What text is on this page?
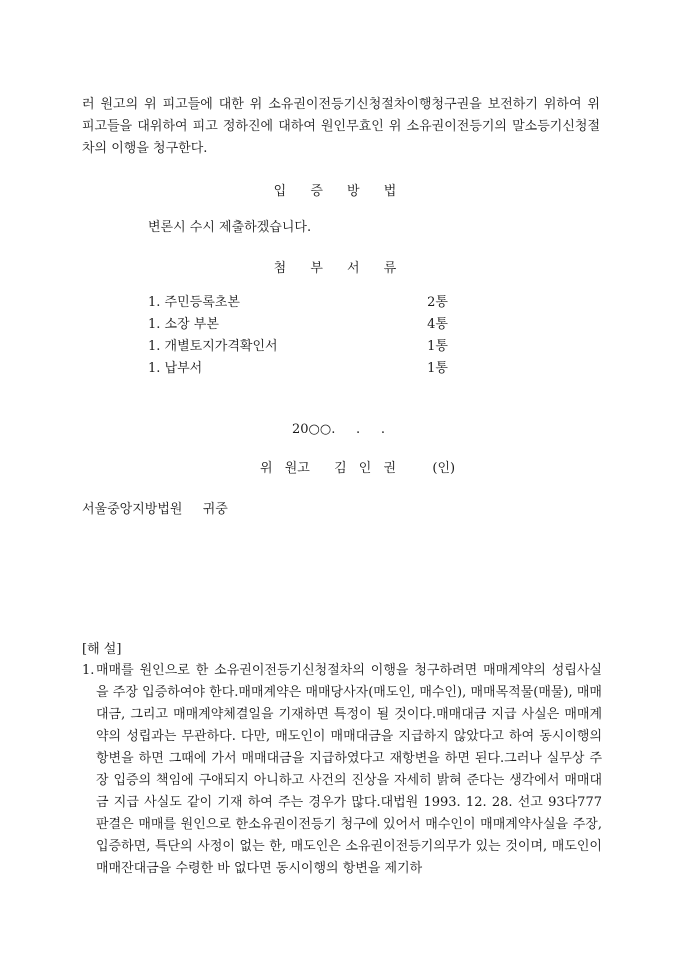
러 원고의 위 피고들에 대한 위 소유권이전등기신청절차이행청구권을 보전하기 위하여 위 피고들을 대위하여 피고 정하진에 대하여 원인무효인 위 소유권이전등기의 말소등기신청절차의 이행을 청구한다.
입 증 방 법
변론시 수시 제출하겠습니다.
첨 부 서 류
1. 주민등록초본	2통
1. 소장 부본	4통
1. 개별토지가격확인서	1통
1. 납부서	1통
20○○.     .     .
위 원고  김 인 권   (인)
서울중앙지방법원  귀중
[해 설]
1. 매매를 원인으로 한 소유권이전등기신청절차의 이행을 청구하려면 매매계약의 성립사실을 주장 입증하여야 한다.매매계약은 매매당사자(매도인, 매수인), 매매목적물(매물), 매매대금, 그리고 매매계약체결일을 기재하면 특정이 될 것이다.매매대금 지급 사실은 매매계약의 성립과는 무관하다. 다만, 매도인이 매매대금을 지급하지 않았다고 하여 동시이행의 항변을 하면 그때에 가서 매매대금을 지급하였다고 재항변을 하면 된다.그러나 실무상 주장 입증의 책임에 구애되지 아니하고 사건의 진상을 자세히 밝혀 준다는 생각에서 매매대금 지급 사실도 같이 기재 하여 주는 경우가 많다.대법원 1993. 12. 28. 선고 93다777 판결은 매매를 원인으로 한소유권이전등기 청구에 있어서 매수인이 매매계약사실을 주장, 입증하면, 특단의 사정이 없는 한, 매도인은 소유권이전등기의무가 있는 것이며, 매도인이 매매잔대금을 수령한 바 없다면 동시이행의 항변을 제기하
